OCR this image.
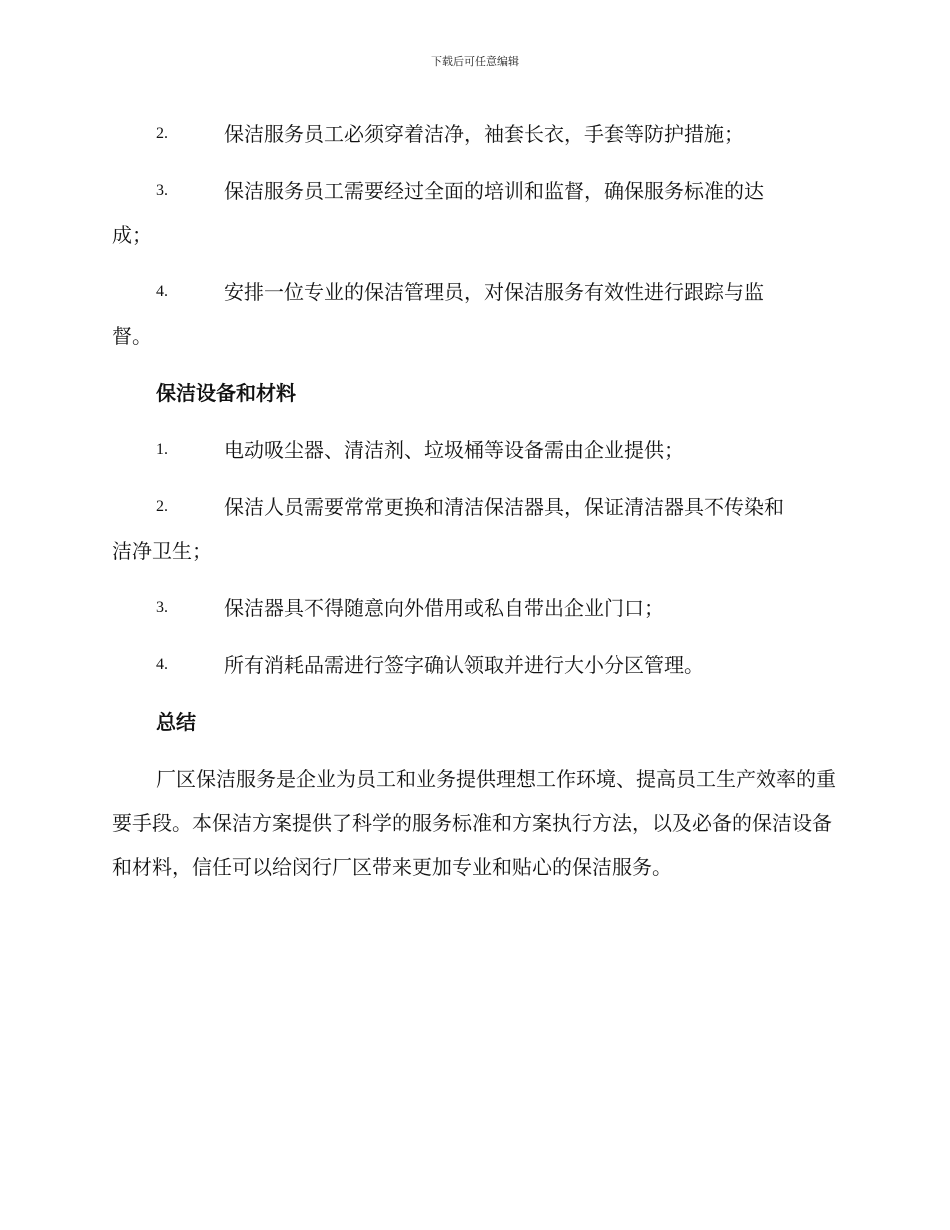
下载后可任意编辑
2.	保洁服务员工必须穿着洁净，袖套长衣，手套等防护措施；
3.	保洁服务员工需要经过全面的培训和监督，确保服务标准的达
成；
4.	安排一位专业的保洁管理员，对保洁服务有效性进行跟踪与监
督。
保洁设备和材料
1.	电动吸尘器、清洁剂、垃圾桶等设备需由企业提供；
2.	保洁人员需要常常更换和清洁保洁器具，保证清洁器具不传染和
洁净卫生；
3.	保洁器具不得随意向外借用或私自带出企业门口；
4.	所有消耗品需进行签字确认领取并进行大小分区管理。
总结

厂区保洁服务是企业为员工和业务提供理想工作环境、提高员工生产效率的重要手段。本保洁方案提供了科学的服务标准和方案执行方法，以及必备的保洁设备和材料，信任可以给闵行厂区带来更加专业和贴心的保洁服务。
